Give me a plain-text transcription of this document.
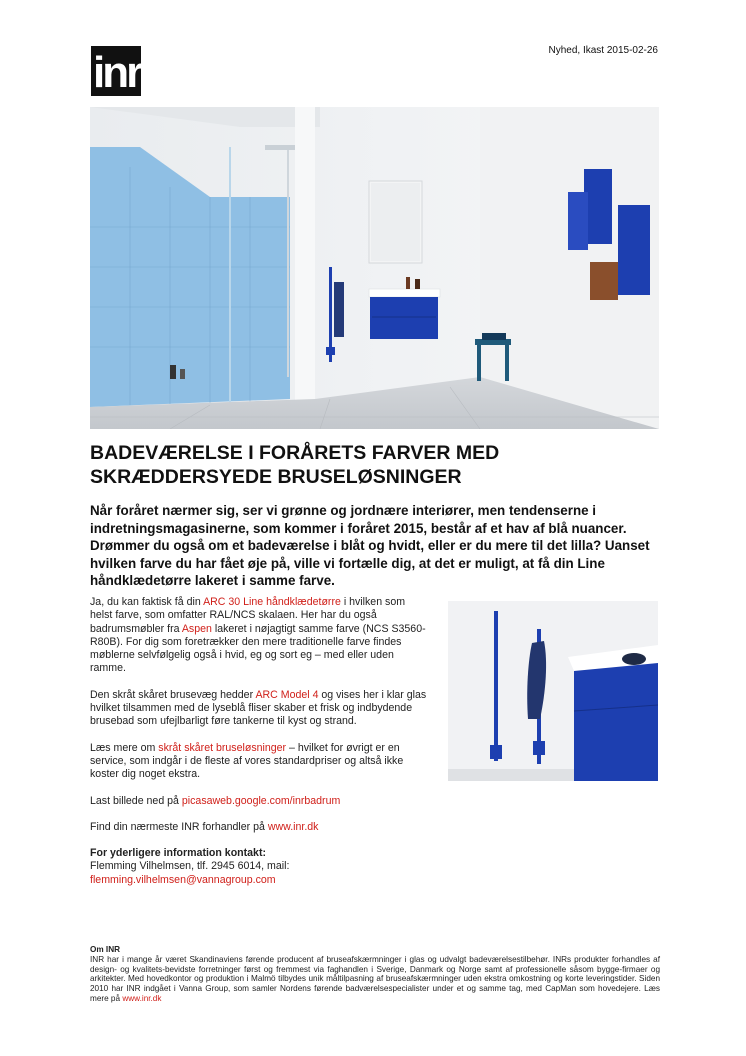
inr	Nyhed, Ikast 2015-02-26
BADEVÆRELSE I FORÅRETS FARVER MED
SKRÆDDERSYEDE BRUSELØSNINGER

Når foråret nærmer sig, ser vi grønne og jordnære interiører, men tendenserne i indretningsmagasinerne, som kommer i foråret 2015, består af et hav af blå nuancer. Drømmer du også om et badeværelse i blåt og hvidt, eller er du mere til det lilla? Uanset hvilken farve du har fået øje på, ville vi fortælle dig, at det er muligt, at få din Line håndklædetørre lakeret i samme farve.

Ja, du kan faktisk få din ARC 30 Line håndklædetørre i hvilken som helst farve, som omfatter RAL/NCS skalaen. Her har du også badrumsmøbler fra Aspen lakeret i nøjagtigt samme farve (NCS S3560-R80B). For dig som foretrækker den mere traditionelle farve findes møblerne selvfølgelig også i hvid, eg og sort eg – med eller uden ramme.

Den skråt skåret brusevæg hedder ARC Model 4 og vises her i klar glas hvilket tilsammen med de lyseblå fliser skaber et frisk og indbydende brusebad som ufejlbarligt føre tankerne til kyst og strand.

Læs mere om skråt skåret bruseløsninger – hvilket for øvrigt er en service, som indgår i de fleste af vores standardpriser og altså ikke koster dig noget ekstra.

Last billede ned på picasaweb.google.com/inrbadrum

Find din nærmeste INR forhandler på www.inr.dk

For yderligere information kontakt:
Flemming Vilhelmsen, tlf. 2945 6014, mail: flemming.vilhelmsen@vannagroup.com

Om INR
INR har i mange år været Skandinaviens førende producent af bruseafskærmninger i glas og udvalgt badeværelsestilbehør. INRs produkter forhandles af design- og kvalitets-bevidste forretninger først og fremmest via faghandlen i Sverige, Danmark og Norge samt af professionelle såsom bygge-firmaer og arkitekter. Med hovedkontor og produktion i Malmö tilbydes unik måltilpasning af bruseafskærmninger uden ekstra omkostning og korte leveringstider. Siden 2010 har INR indgået i Vanna Group, som samler Nordens førende badværelsespecialister under et og samme tag, med CapMan som hovedejere. Læs mere på www.inr.dk
